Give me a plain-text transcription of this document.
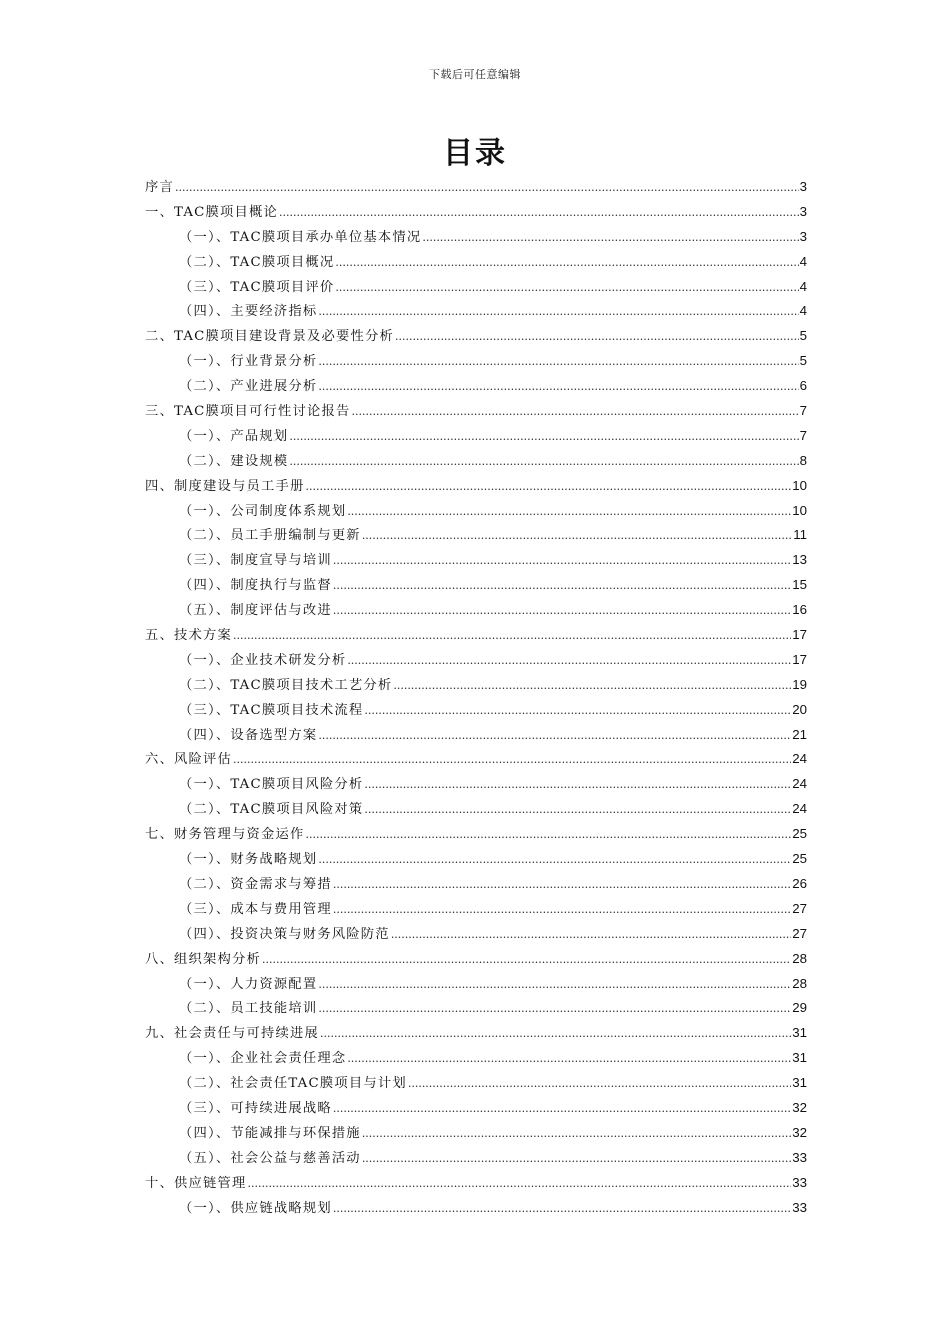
下载后可任意编辑
目录
序言 .....	3
一、TAC膜项目概论 .....	3
（一）、TAC膜项目承办单位基本情况 .....	3
（二）、TAC膜项目概况 .....	4
（三）、TAC膜项目评价 .....	4
（四）、主要经济指标 .....	4
二、TAC膜项目建设背景及必要性分析 .....	5
（一）、行业背景分析 .....	5
（二）、产业进展分析 .....	6
三、TAC膜项目可行性讨论报告 .....	7
（一）、产品规划 .....	7
（二）、建设规模 .....	8
四、制度建设与员工手册 .....	10
（一）、公司制度体系规划 .....	10
（二）、员工手册编制与更新 .....	11
（三）、制度宣导与培训 .....	13
（四）、制度执行与监督 .....	15
（五）、制度评估与改进 .....	16
五、技术方案 .....	17
（一）、企业技术研发分析 .....	17
（二）、TAC膜项目技术工艺分析 .....	19
（三）、TAC膜项目技术流程 .....	20
（四）、设备选型方案 .....	21
六、风险评估 .....	24
（一）、TAC膜项目风险分析 .....	24
（二）、TAC膜项目风险对策 .....	24
七、财务管理与资金运作 .....	25
（一）、财务战略规划 .....	25
（二）、资金需求与筹措 .....	26
（三）、成本与费用管理 .....	27
（四）、投资决策与财务风险防范 .....	27
八、组织架构分析 .....	28
（一）、人力资源配置 .....	28
（二）、员工技能培训 .....	29
九、社会责任与可持续进展 .....	31
（一）、企业社会责任理念 .....	31
（二）、社会责任TAC膜项目与计划 .....	31
（三）、可持续进展战略 .....	32
（四）、节能减排与环保措施 .....	32
（五）、社会公益与慈善活动 .....	33
十、供应链管理 .....	33
（一）、供应链战略规划 .....	33
